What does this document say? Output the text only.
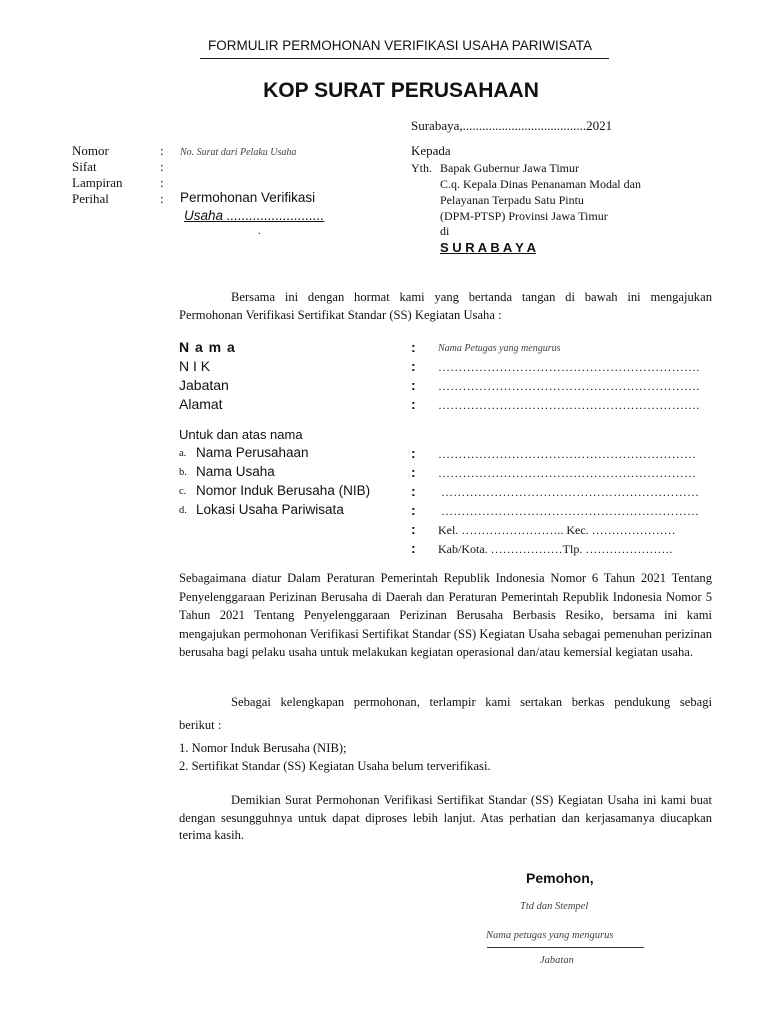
FORMULIR PERMOHONAN VERIFIKASI USAHA PARIWISATA
KOP SURAT PERUSAHAAN
Surabaya,......................................2021
Nomor	: No. Surat dari Pelaku Usaha
Sifat	:
Lampiran	:
Perihal	: Permohonan Verifikasi
Usaha ..........................
.
Kepada
Yth. Bapak Gubernur Jawa Timur
C.q. Kepala Dinas Penanaman Modal dan
Pelayanan Terpadu Satu Pintu
(DPM-PTSP) Provinsi Jawa Timur
di
S U R A B A Y A
Bersama ini dengan hormat kami yang bertanda tangan di bawah ini mengajukan
Permohonan Verifikasi Sertifikat Standar (SS) Kegiatan Usaha :
N a m a	: Nama Petugas yang mengurus
N I K	: ……………………………………………………….
Jabatan	: ……………………………………………………….
Alamat	: ……………………………………………………….
Untuk dan atas nama
a. Nama Perusahaan	: ………………………………………………………
b. Nama Usaha	: ………………………………………………………
c. Nomor Induk Berusaha (NIB)	: ………………………………………………………
d. Lokasi Usaha Pariwisata	: ………………………………………………………
: Kel. …………………….. Kec. …………………
: Kab/Kota. ………………Tlp. ………………….
Sebagaimana diatur Dalam Peraturan Pemerintah Republik Indonesia Nomor 6 Tahun 2021 Tentang Penyelenggaraan Perizinan Berusaha di Daerah dan Peraturan Pemerintah Republik Indonesia Nomor 5 Tahun 2021 Tentang Penyelenggaraan Perizinan Berusaha Berbasis Resiko, bersama ini kami mengajukan permohonan Verifikasi Sertifikat Standar (SS) Kegiatan Usaha sebagai pemenuhan perizinan berusaha bagi pelaku usaha untuk melakukan kegiatan operasional dan/atau kemersial kegiatan usaha.
Sebagai kelengkapan permohonan, terlampir kami sertakan berkas pendukung sebagi
berikut :
1. Nomor Induk Berusaha (NIB);
2. Sertifikat Standar (SS) Kegiatan Usaha belum terverifikasi.
Demikian Surat Permohonan Verifikasi Sertifikat Standar (SS) Kegiatan Usaha ini kami buat dengan sesungguhnya untuk dapat diproses lebih lanjut. Atas perhatian dan kerjasamanya diucapkan terima kasih.
Pemohon,
Ttd dan Stempel
Nama petugas yang mengurus
Jabatan
